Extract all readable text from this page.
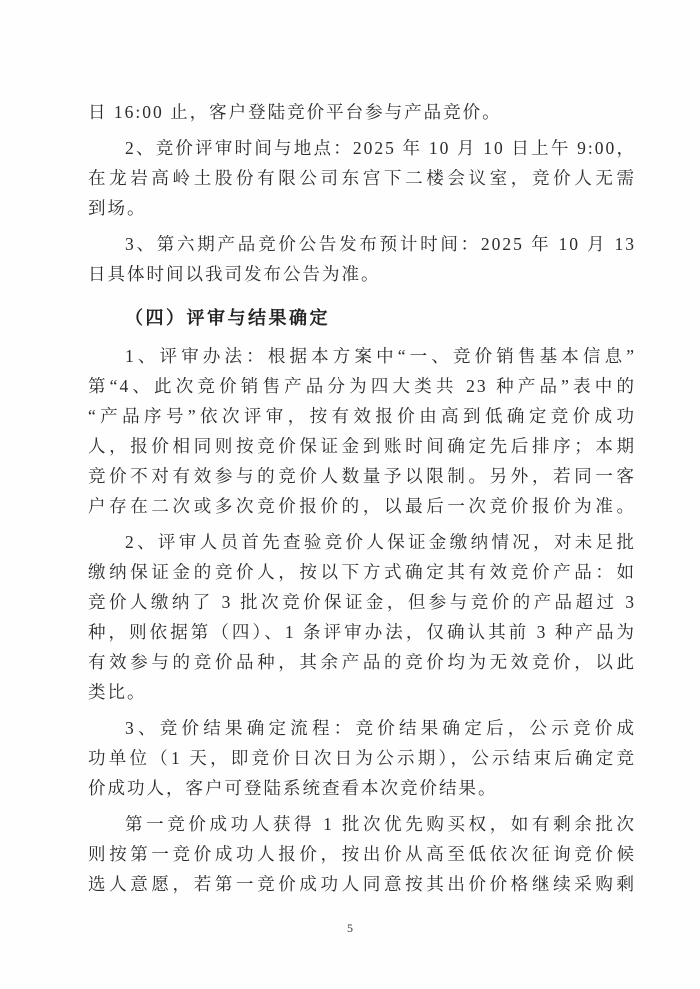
日 16:00 止，客户登陆竞价平台参与产品竞价。

2、竞价评审时间与地点：2025 年 10 月 10 日上午 9:00，

在龙岩高岭土股份有限公司东宫下二楼会议室，竞价人无需

到场。

3、第六期产品竞价公告发布预计时间：2025 年 10 月 13

日具体时间以我司发布公告为准。

（四）评审与结果确定

1、评审办法：根据本方案中“一、竞价销售基本信息”

第“4、此次竞价销售产品分为四大类共 23 种产品”表中的

“产品序号”依次评审，按有效报价由高到低确定竞价成功

人，报价相同则按竞价保证金到账时间确定先后排序；本期

竞价不对有效参与的竞价人数量予以限制。另外，若同一客

户存在二次或多次竞价报价的，以最后一次竞价报价为准。

2、评审人员首先查验竞价人保证金缴纳情况，对未足批

缴纳保证金的竞价人，按以下方式确定其有效竞价产品：如

竞价人缴纳了 3 批次竞价保证金，但参与竞价的产品超过 3

种，则依据第（四）、1 条评审办法，仅确认其前 3 种产品为

有效参与的竞价品种，其余产品的竞价均为无效竞价，以此

类比。

3、竞价结果确定流程：竞价结果确定后，公示竞价成

功单位（1 天，即竞价日次日为公示期），公示结束后确定竞

价成功人，客户可登陆系统查看本次竞价结果。

第一竞价成功人获得 1 批次优先购买权，如有剩余批次

则按第一竞价成功人报价，按出价从高至低依次征询竞价候

选人意愿，若第一竞价成功人同意按其出价价格继续采购剩

5
